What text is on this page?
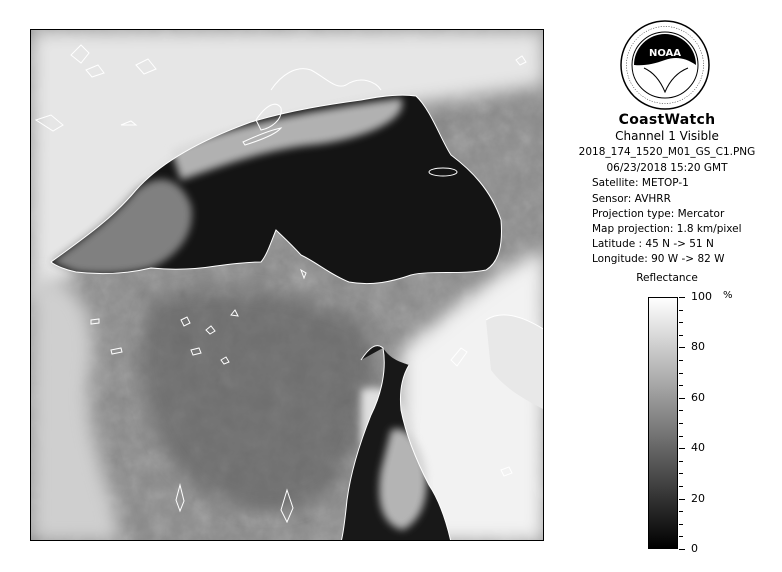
NOAA
CoastWatch
Channel 1 Visible
2018_174_1520_M01_GS_C1.PNG
06/23/2018 15:20 GMT
Satellite: METOP-1
Sensor: AVHRR
Projection type: Mercator
Map projection: 1.8 km/pixel
Latitude : 45 N -> 51 N
Longitude: 90 W -> 82 W
Reflectance
%
100
80
60
40
20
0
